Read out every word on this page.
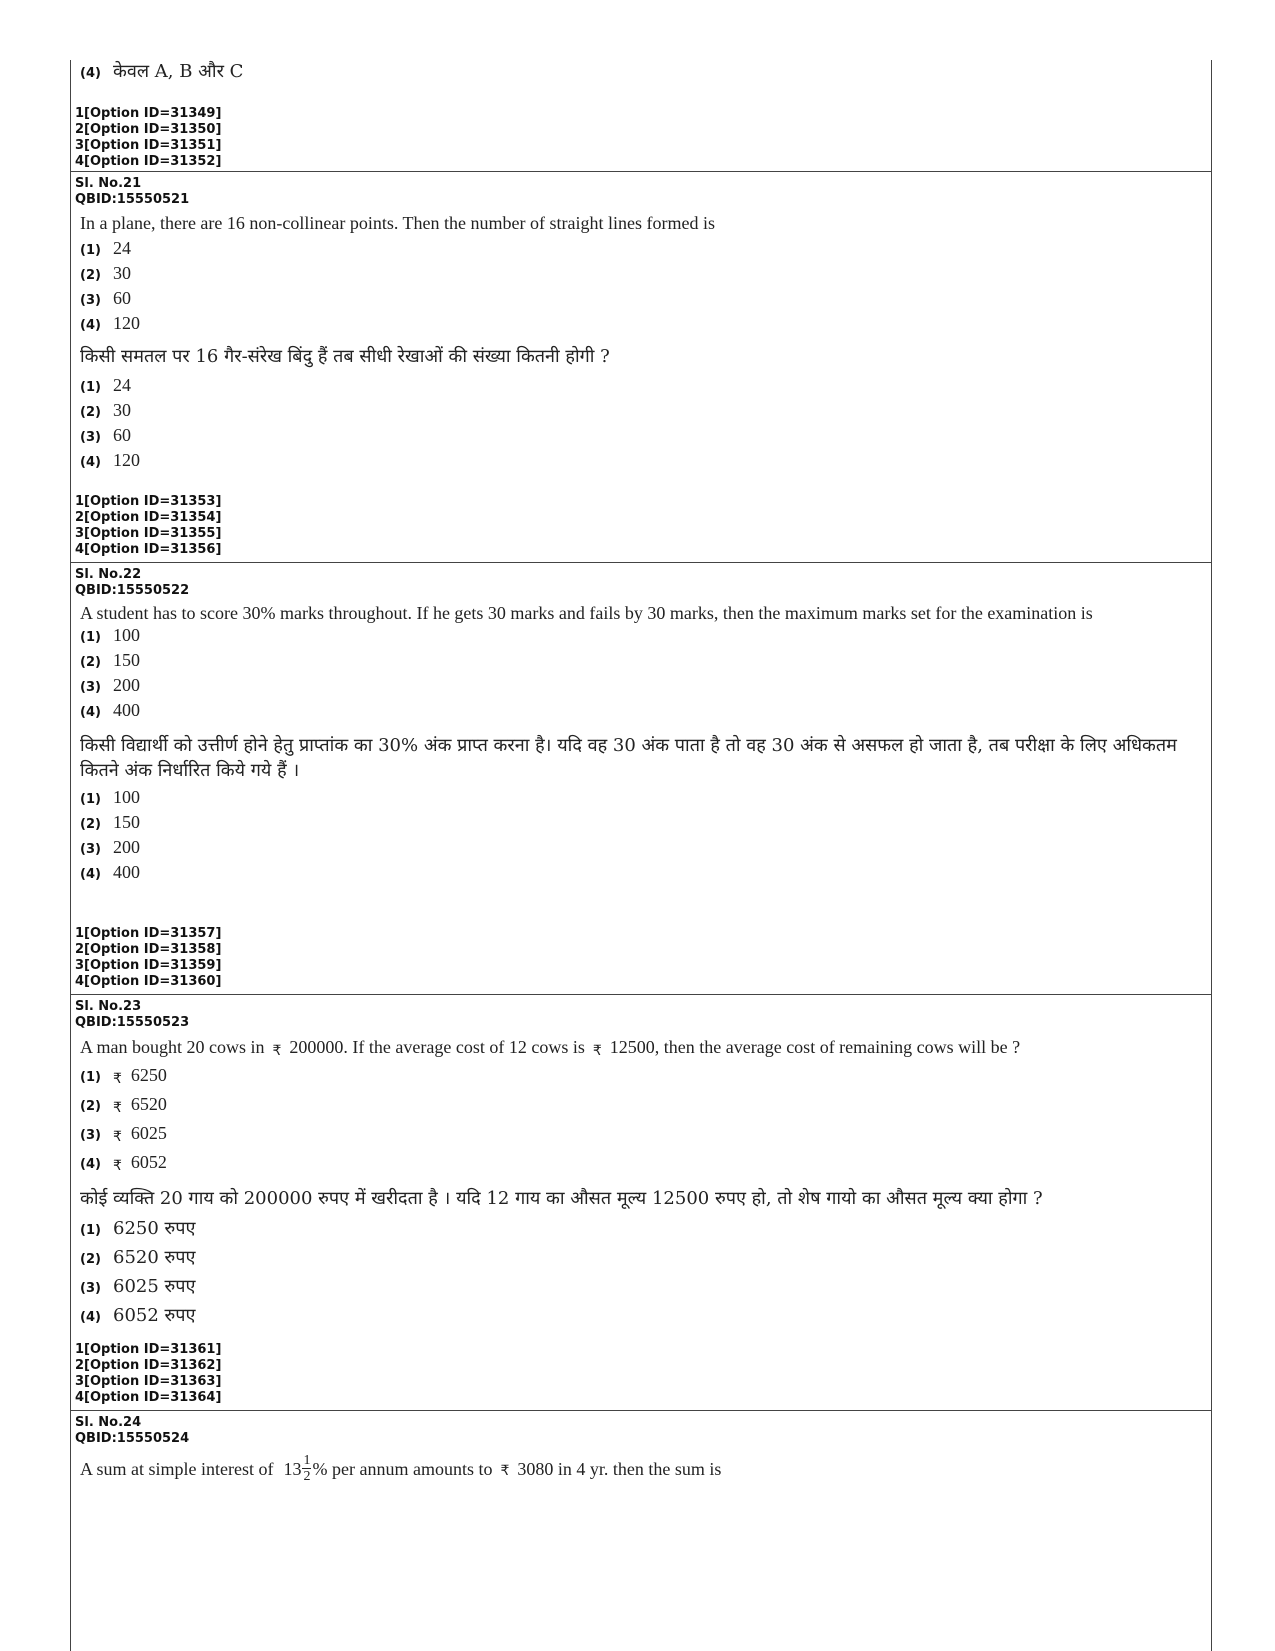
(4) केवल A, B और C
1[Option ID=31349]
2[Option ID=31350]
3[Option ID=31351]
4[Option ID=31352]
Sl. No.21
QBID:15550521
In a plane, there are 16 non-collinear points. Then the number of straight lines formed is
(1) 24
(2) 30
(3) 60
(4) 120
किसी समतल पर 16 गैर-संरेख बिंदु हैं तब सीधी रेखाओं की संख्या कितनी होगी ?
(1) 24
(2) 30
(3) 60
(4) 120
1[Option ID=31353]
2[Option ID=31354]
3[Option ID=31355]
4[Option ID=31356]
Sl. No.22
QBID:15550522
A student has to score 30% marks throughout. If he gets 30 marks and fails by 30 marks, then the maximum marks set for the examination is
(1) 100
(2) 150
(3) 200
(4) 400
किसी विद्यार्थी को उत्तीर्ण होने हेतु प्राप्तांक का 30% अंक प्राप्त करना है। यदि वह 30 अंक पाता है तो वह 30 अंक से असफल हो जाता है, तब परीक्षा के लिए अधिकतम कितने अंक निर्धारित किये गये हैं ।
(1) 100
(2) 150
(3) 200
(4) 400
1[Option ID=31357]
2[Option ID=31358]
3[Option ID=31359]
4[Option ID=31360]
Sl. No.23
QBID:15550523
A man bought 20 cows in ₹ 200000. If the average cost of 12 cows is ₹ 12500, then the average cost of remaining cows will be ?
(1) ₹ 6250
(2) ₹ 6520
(3) ₹ 6025
(4) ₹ 6052
कोई व्यक्ति 20 गाय को 200000 रुपए में खरीदता है । यदि 12 गाय का औसत मूल्य 12500 रुपए हो, तो शेष गायो का औसत मूल्य क्या होगा ?
(1) 6250 रुपए
(2) 6520 रुपए
(3) 6025 रुपए
(4) 6052 रुपए
1[Option ID=31361]
2[Option ID=31362]
3[Option ID=31363]
4[Option ID=31364]
Sl. No.24
QBID:15550524
A sum at simple interest of $13 \frac{1}{2}$ % per annum amounts to ₹ 3080 in 4 yr. then the sum is
